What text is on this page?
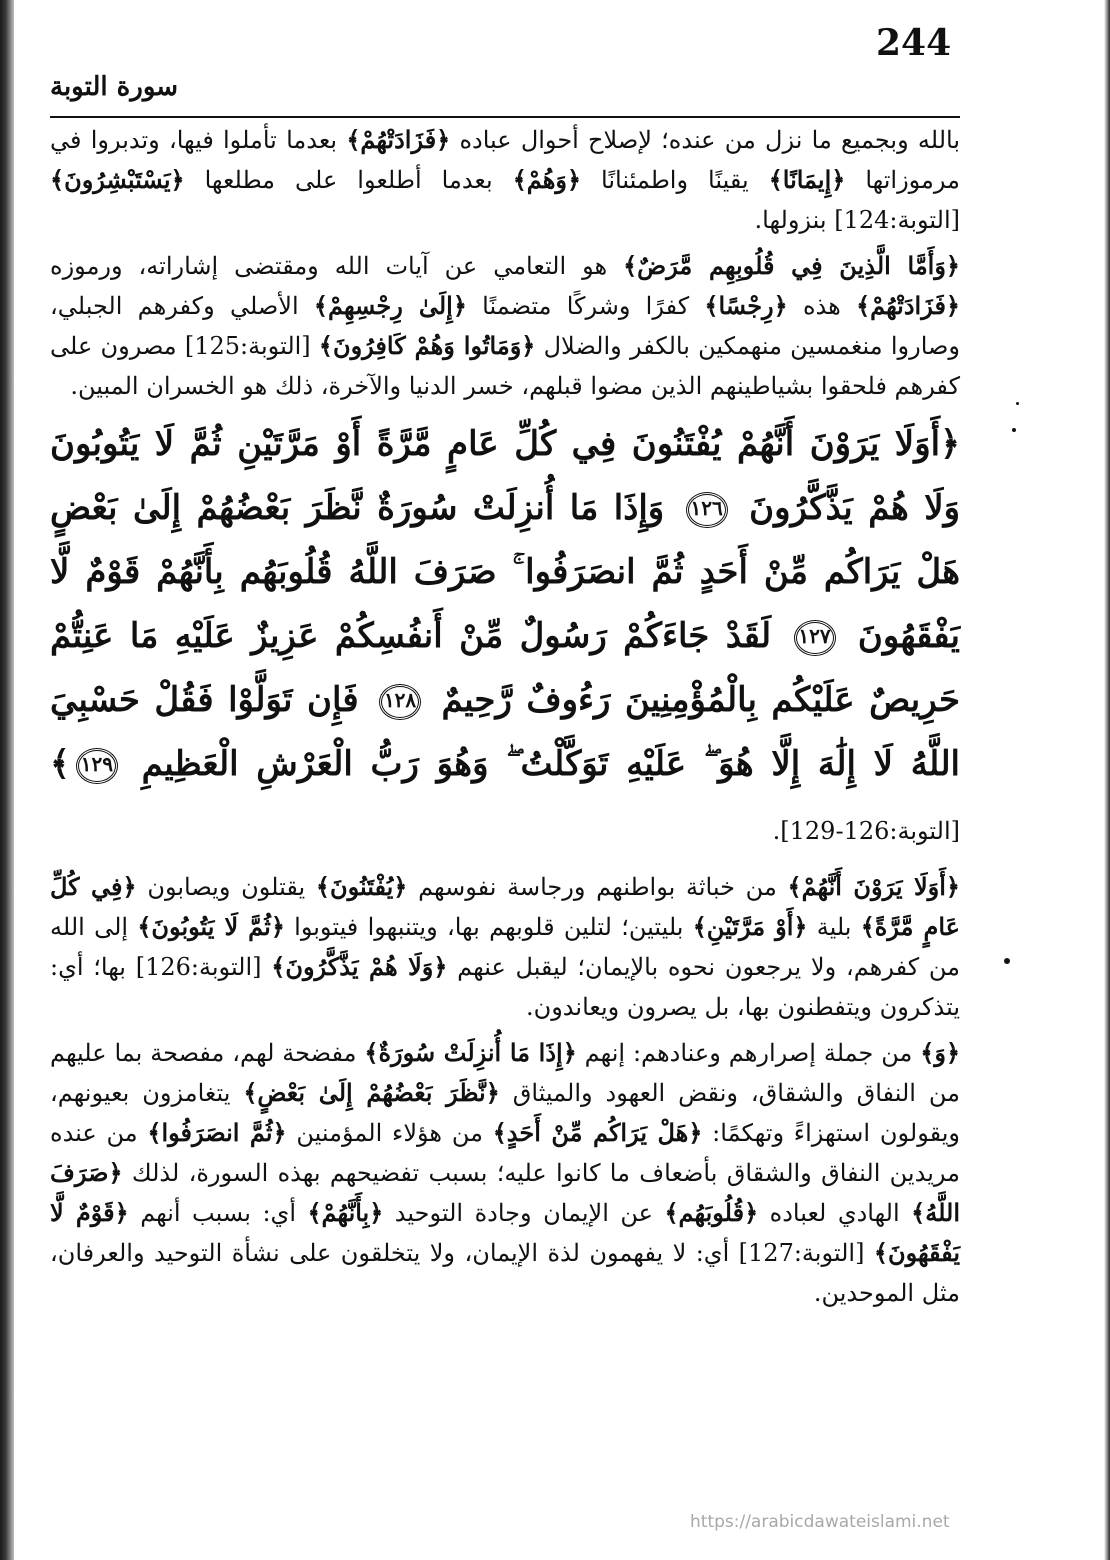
244
سورة التوبة

بالله وبجميع ما نزل من عنده؛ لإصلاح أحوال عباده ﴿فَزَادَتْهُمْ﴾ بعدما تأملوا فيها، وتدبروا في مرموزاتها ﴿إِيمَانًا﴾ يقينًا واطمئنانًا ﴿وَهُمْ﴾ بعدما أطلعوا على مطلعها ﴿يَسْتَبْشِرُونَ﴾ [التوبة:124] بنزولها.

﴿وَأَمَّا الَّذِينَ فِي قُلُوبِهِم مَّرَضٌ﴾ هو التعامي عن آيات الله ومقتضى إشاراته، ورموزه ﴿فَزَادَتْهُمْ﴾ هذه ﴿رِجْسًا﴾ كفرًا وشركًا متضمنًا ﴿إِلَىٰ رِجْسِهِمْ﴾ الأصلي وكفرهم الجبلي، وصاروا منغمسين منهمكين بالكفر والضلال ﴿وَمَاتُوا وَهُمْ كَافِرُونَ﴾ [التوبة:125] مصرون على كفرهم فلحقوا بشياطينهم الذين مضوا قبلهم، خسر الدنيا والآخرة، ذلك هو الخسران المبين.

﴿أَوَلَا يَرَوْنَ أَنَّهُمْ يُفْتَنُونَ فِي كُلِّ عَامٍ مَّرَّةً أَوْ مَرَّتَيْنِ ثُمَّ لَا يَتُوبُونَ وَلَا هُمْ يَذَّكَّرُونَ ١٢٦ وَإِذَا مَا أُنزِلَتْ سُورَةٌ نَّظَرَ بَعْضُهُمْ إِلَىٰ بَعْضٍ هَلْ يَرَاكُم مِّنْ أَحَدٍ ثُمَّ انصَرَفُوا ۚ صَرَفَ اللَّهُ قُلُوبَهُم بِأَنَّهُمْ قَوْمٌ لَّا يَفْقَهُونَ ١٢٧ لَقَدْ جَاءَكُمْ رَسُولٌ مِّنْ أَنفُسِكُمْ عَزِيزٌ عَلَيْهِ مَا عَنِتُّمْ حَرِيصٌ عَلَيْكُم بِالْمُؤْمِنِينَ رَءُوفٌ رَّحِيمٌ ١٢٨ فَإِن تَوَلَّوْا فَقُلْ حَسْبِيَ اللَّهُ لَا إِلَٰهَ إِلَّا هُوَ ۖ عَلَيْهِ تَوَكَّلْتُ ۖ وَهُوَ رَبُّ الْعَرْشِ الْعَظِيمِ ١٢٩﴾ [التوبة:126-129].

﴿أَوَلَا يَرَوْنَ أَنَّهُمْ﴾ من خباثة بواطنهم ورجاسة نفوسهم ﴿يُفْتَنُونَ﴾ يقتلون ويصابون ﴿فِي كُلِّ عَامٍ مَّرَّةً﴾ بلية ﴿أَوْ مَرَّتَيْنِ﴾ بليتين؛ لتلين قلوبهم بها، ويتنبهوا فيتوبوا ﴿ثُمَّ لَا يَتُوبُونَ﴾ إلى الله من كفرهم، ولا يرجعون نحوه بالإيمان؛ ليقبل عنهم ﴿وَلَا هُمْ يَذَّكَّرُونَ﴾ [التوبة:126] بها؛ أي: يتذكرون ويتفطنون بها، بل يصرون ويعاندون.

﴿وَ﴾ من جملة إصرارهم وعنادهم: إنهم ﴿إِذَا مَا أُنزِلَتْ سُورَةٌ﴾ مفضحة لهم، مفصحة بما عليهم من النفاق والشقاق، ونقض العهود والميثاق ﴿نَّظَرَ بَعْضُهُمْ إِلَىٰ بَعْضٍ﴾ يتغامزون بعيونهم، ويقولون استهزاءً وتهكمًا: ﴿هَلْ يَرَاكُم مِّنْ أَحَدٍ﴾ من هؤلاء المؤمنين ﴿ثُمَّ انصَرَفُوا﴾ من عنده مريدين النفاق والشقاق بأضعاف ما كانوا عليه؛ بسبب تفضيحهم بهذه السورة، لذلك ﴿صَرَفَ اللَّهُ﴾ الهادي لعباده ﴿قُلُوبَهُم﴾ عن الإيمان وجادة التوحيد ﴿بِأَنَّهُمْ﴾ أي: بسبب أنهم ﴿قَوْمٌ لَّا يَفْقَهُونَ﴾ [التوبة:127] أي: لا يفهمون لذة الإيمان، ولا يتخلقون على نشأة التوحيد والعرفان، مثل الموحدين.

https://arabicdawateislami.net
